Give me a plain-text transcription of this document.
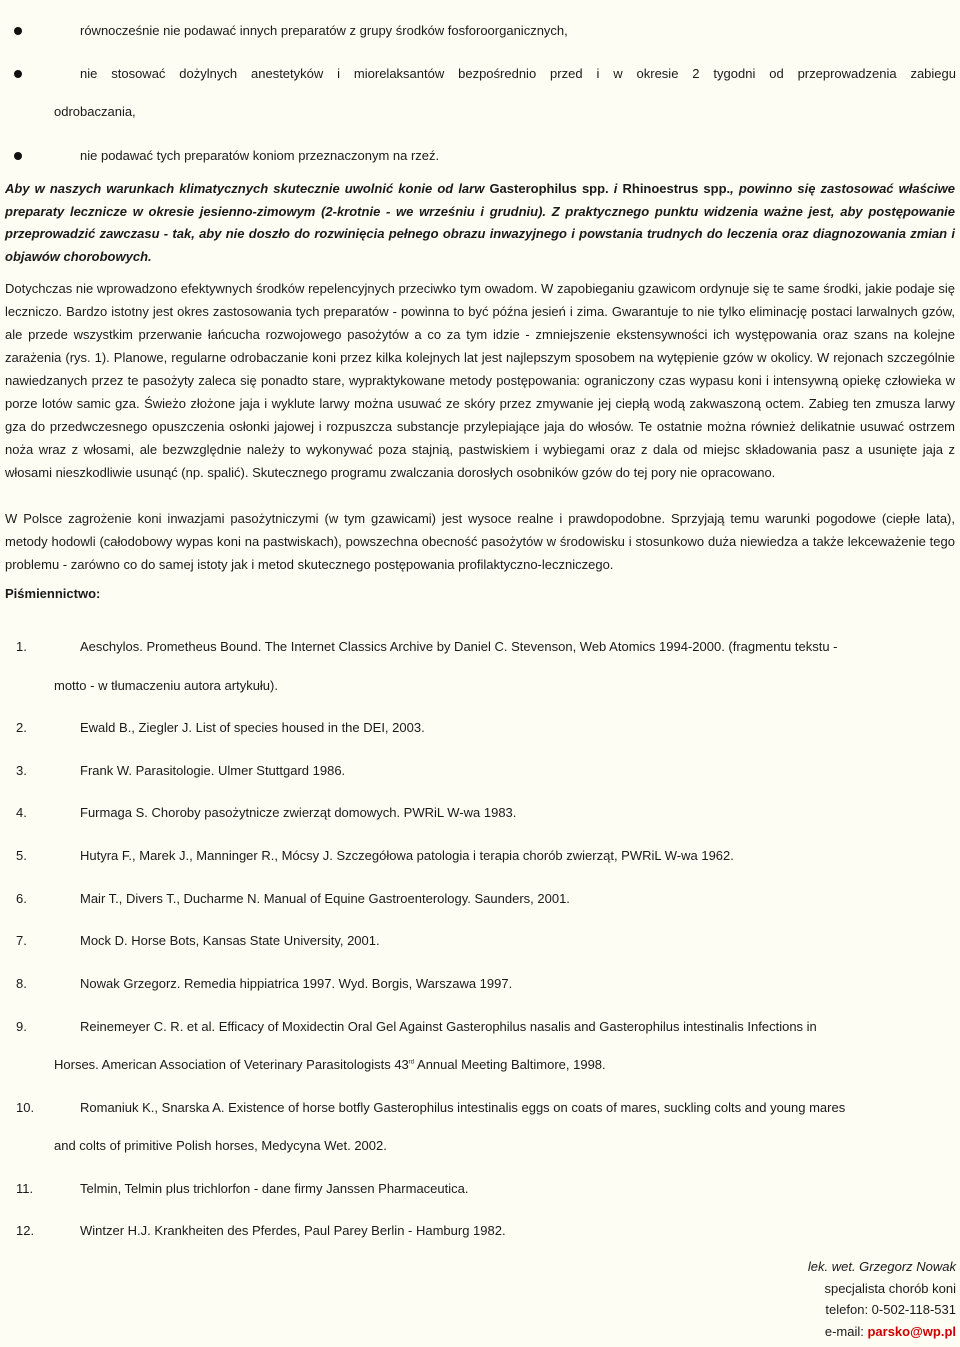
równocześnie nie podawać innych preparatów z grupy środków fosforoorganicznych,
nie stosować dożylnych anestetyków i miorelaksantów bezpośrednio przed i w okresie 2 tygodni od przeprowadzenia zabiegu
odrobaczania,
nie podawać tych preparatów koniom przeznaczonym na rzeź.
Aby w naszych warunkach klimatycznych skutecznie uwolnić konie od larw Gasterophilus spp. i Rhinoestrus spp., powinno się zastosować właściwe preparaty lecznicze w okresie jesienno-zimowym (2-krotnie - we wrześniu i grudniu). Z praktycznego punktu widzenia ważne jest, aby postępowanie przeprowadzić zawczasu - tak, aby nie doszło do rozwinięcia pełnego obrazu inwazyjnego i powstania trudnych do leczenia oraz diagnozowania zmian i objawów chorobowych.
Dotychczas nie wprowadzono efektywnych środków repelencyjnych przeciwko tym owadom. W zapobieganiu gzawicom ordynuje się te same środki, jakie podaje się leczniczo. Bardzo istotny jest okres zastosowania tych preparatów - powinna to być późna jesień i zima. Gwarantuje to nie tylko eliminację postaci larwalnych gzów, ale przede wszystkim przerwanie łańcucha rozwojowego pasożytów a co za tym idzie - zmniejszenie ekstensywności ich występowania oraz szans na kolejne zarażenia (rys. 1). Planowe, regularne odrobaczanie koni przez kilka kolejnych lat jest najlepszym sposobem na wytępienie gzów w okolicy. W rejonach szczególnie nawiedzanych przez te pasożyty zaleca się ponadto stare, wypraktykowane metody postępowania: ograniczony czas wypasu koni i intensywną opiekę człowieka w porze lotów samic gza. Świeżo złożone jaja i wyklute larwy można usuwać ze skóry przez zmywanie jej ciepłą wodą zakwaszoną octem. Zabieg ten zmusza larwy gza do przedwczesnego opuszczenia osłonki jajowej i rozpuszcza substancje przylepiające jaja do włosów. Te ostatnie można również delikatnie usuwać ostrzem noża wraz z włosami, ale bezwzględnie należy to wykonywać poza stajnią, pastwiskiem i wybiegami oraz z dala od miejsc składowania pasz a usunięte jaja z włosami nieszkodliwie usunąć (np. spalić). Skutecznego programu zwalczania dorosłych osobników gzów do tej pory nie opracowano.
W Polsce zagrożenie koni inwazjami pasożytniczymi (w tym gzawicami) jest wysoce realne i prawdopodobne. Sprzyjają temu warunki pogodowe (ciepłe lata), metody hodowli (całodobowy wypas koni na pastwiskach), powszechna obecność pasożytów w środowisku i stosunkowo duża niewiedza a także lekceważenie tego problemu - zarówno co do samej istoty jak i metod skutecznego postępowania profilaktyczno-leczniczego.
Piśmiennictwo:
1.	Aeschylos. Prometheus Bound. The Internet Classics Archive by Daniel C. Stevenson, Web Atomics 1994-2000. (fragmentu tekstu -
motto - w tłumaczeniu autora artykułu).
2.	Ewald B., Ziegler J. List of species housed in the DEI, 2003.
3.	Frank W. Parasitologie. Ulmer Stuttgard 1986.
4.	Furmaga S. Choroby pasożytnicze zwierząt domowych. PWRiL W-wa 1983.
5.	Hutyra F., Marek J., Manninger R., Mócsy J. Szczegółowa patologia i terapia chorób zwierząt, PWRiL W-wa 1962.
6.	Mair T., Divers T., Ducharme N. Manual of Equine Gastroenterology. Saunders, 2001.
7.	Mock D. Horse Bots, Kansas State University, 2001.
8.	Nowak Grzegorz. Remedia hippiatrica 1997. Wyd. Borgis, Warszawa 1997.
9.	Reinemeyer C. R. et al. Efficacy of Moxidectin Oral Gel Against Gasterophilus nasalis and Gasterophilus intestinalis Infections in
Horses. American Association of Veterinary Parasitologists 43rd Annual Meeting Baltimore, 1998.
10.	Romaniuk K., Snarska A. Existence of horse botfly Gasterophilus intestinalis eggs on coats of mares, suckling colts and young mares
and colts of primitive Polish horses, Medycyna Wet. 2002.
11.	Telmin, Telmin plus trichlorfon - dane firmy Janssen Pharmaceutica.
12.	Wintzer H.J. Krankheiten des Pferdes, Paul Parey Berlin - Hamburg 1982.
lek. wet. Grzegorz Nowak
specjalista chorób koni
telefon: 0-502-118-531
e-mail: parsko@wp.pl
